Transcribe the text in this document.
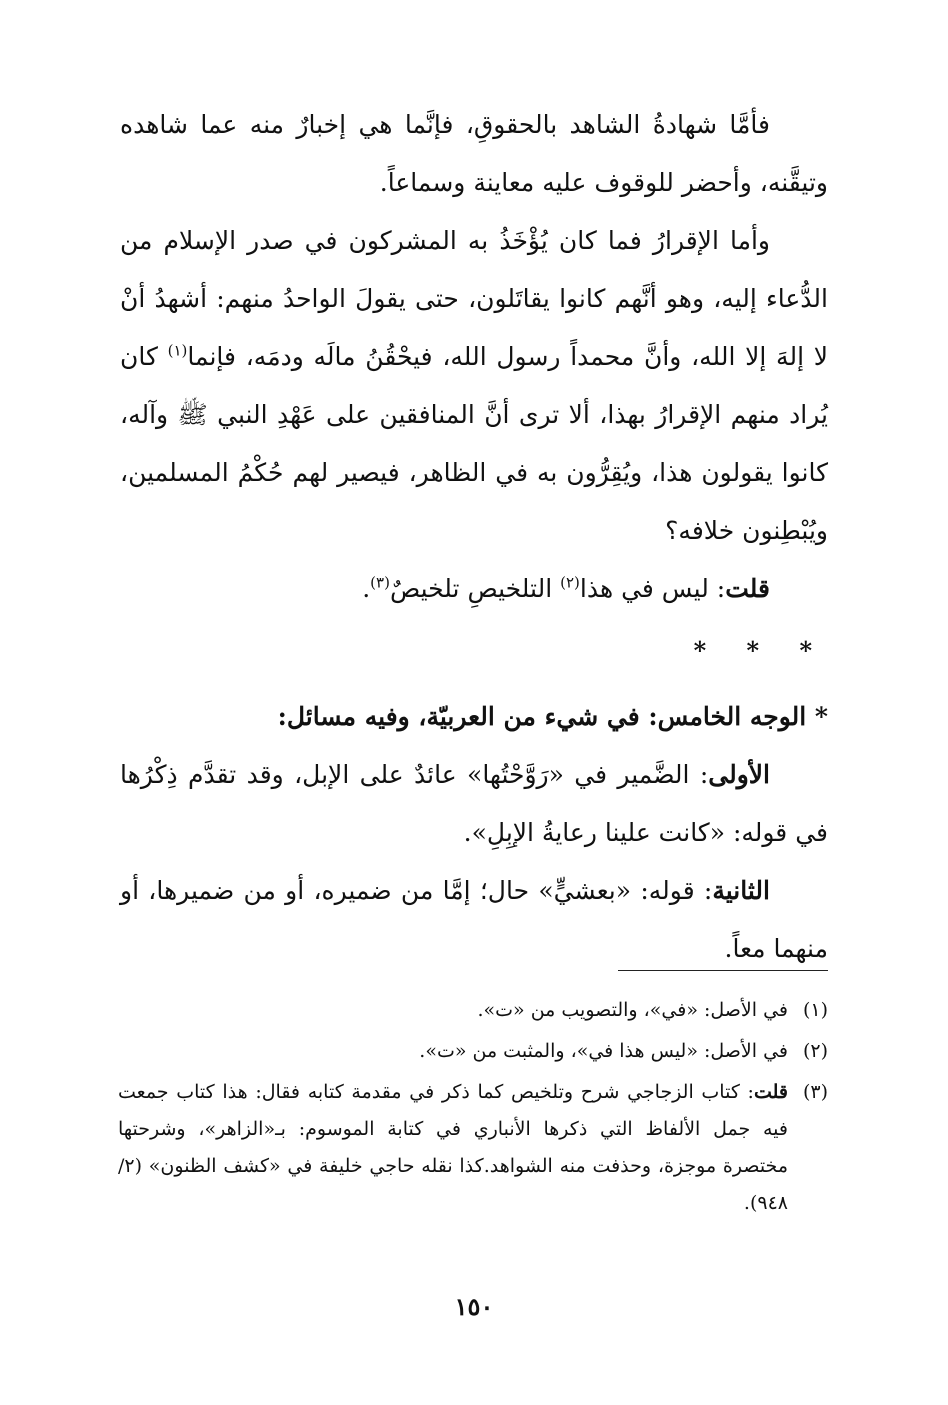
فأمَّا شهادةُ الشاهد بالحقوقِ، فإنَّما هي إخبارٌ منه عما شاهده وتيقَّنه، وأحضر للوقوف عليه معاينة وسماعاً.

وأما الإقرارُ فما كان يُؤْخَذُ به المشركون في صدر الإسلام من الدُّعاء إليه، وهو أنَّهم كانوا يقاتَلون، حتى يقولَ الواحدُ منهم: أشهدُ أنْ لا إلهَ إلا الله، وأنَّ محمداً رسول الله، فيحْقُنُ مالَه ودمَه، فإنما$^{(١)}$ كان يُراد منهم الإقرارُ بهذا، ألا ترى أنَّ المنافقين على عَهْدِ النبي ﷺ وآله، كانوا يقولون هذا، ويُقِرُّون به في الظاهر، فيصير لهم حُكْمُ المسلمين، ويُبْطِنون خلافه؟

قلت: ليس في هذا$^{(٢)}$ التلخيصِ تلخيصٌ$^{(٣)}$.

* * *

* الوجه الخامس: في شيء من العربيّة، وفيه مسائل:

الأولى: الضَّمير في «رَوَّحْتُها» عائدٌ على الإبل، وقد تقدَّم ذِكْرُها في قوله: «كانت علينا رعايةُ الإبِلِ».

الثانية: قوله: «بعشيٍّ» حال؛ إمَّا من ضميره، أو من ضميرها، أو منهما معاً.

(١)
في الأصل: «في»، والتصويب من «ت».
(٢)
في الأصل: «ليس هذا في»، والمثبت من «ت».
(٣)
قلت: كتاب الزجاجي شرح وتلخيص كما ذكر في مقدمة كتابه فقال: هذا كتاب جمعت فيه جمل الألفاظ التي ذكرها الأنباري في كتابة الموسوم: بـ«الزاهر»، وشرحتها مختصرة موجزة، وحذفت منه الشواهد.كذا نقله حاجي خليفة في «كشف الظنون» (٢/ ٩٤٨).
١٥٠
